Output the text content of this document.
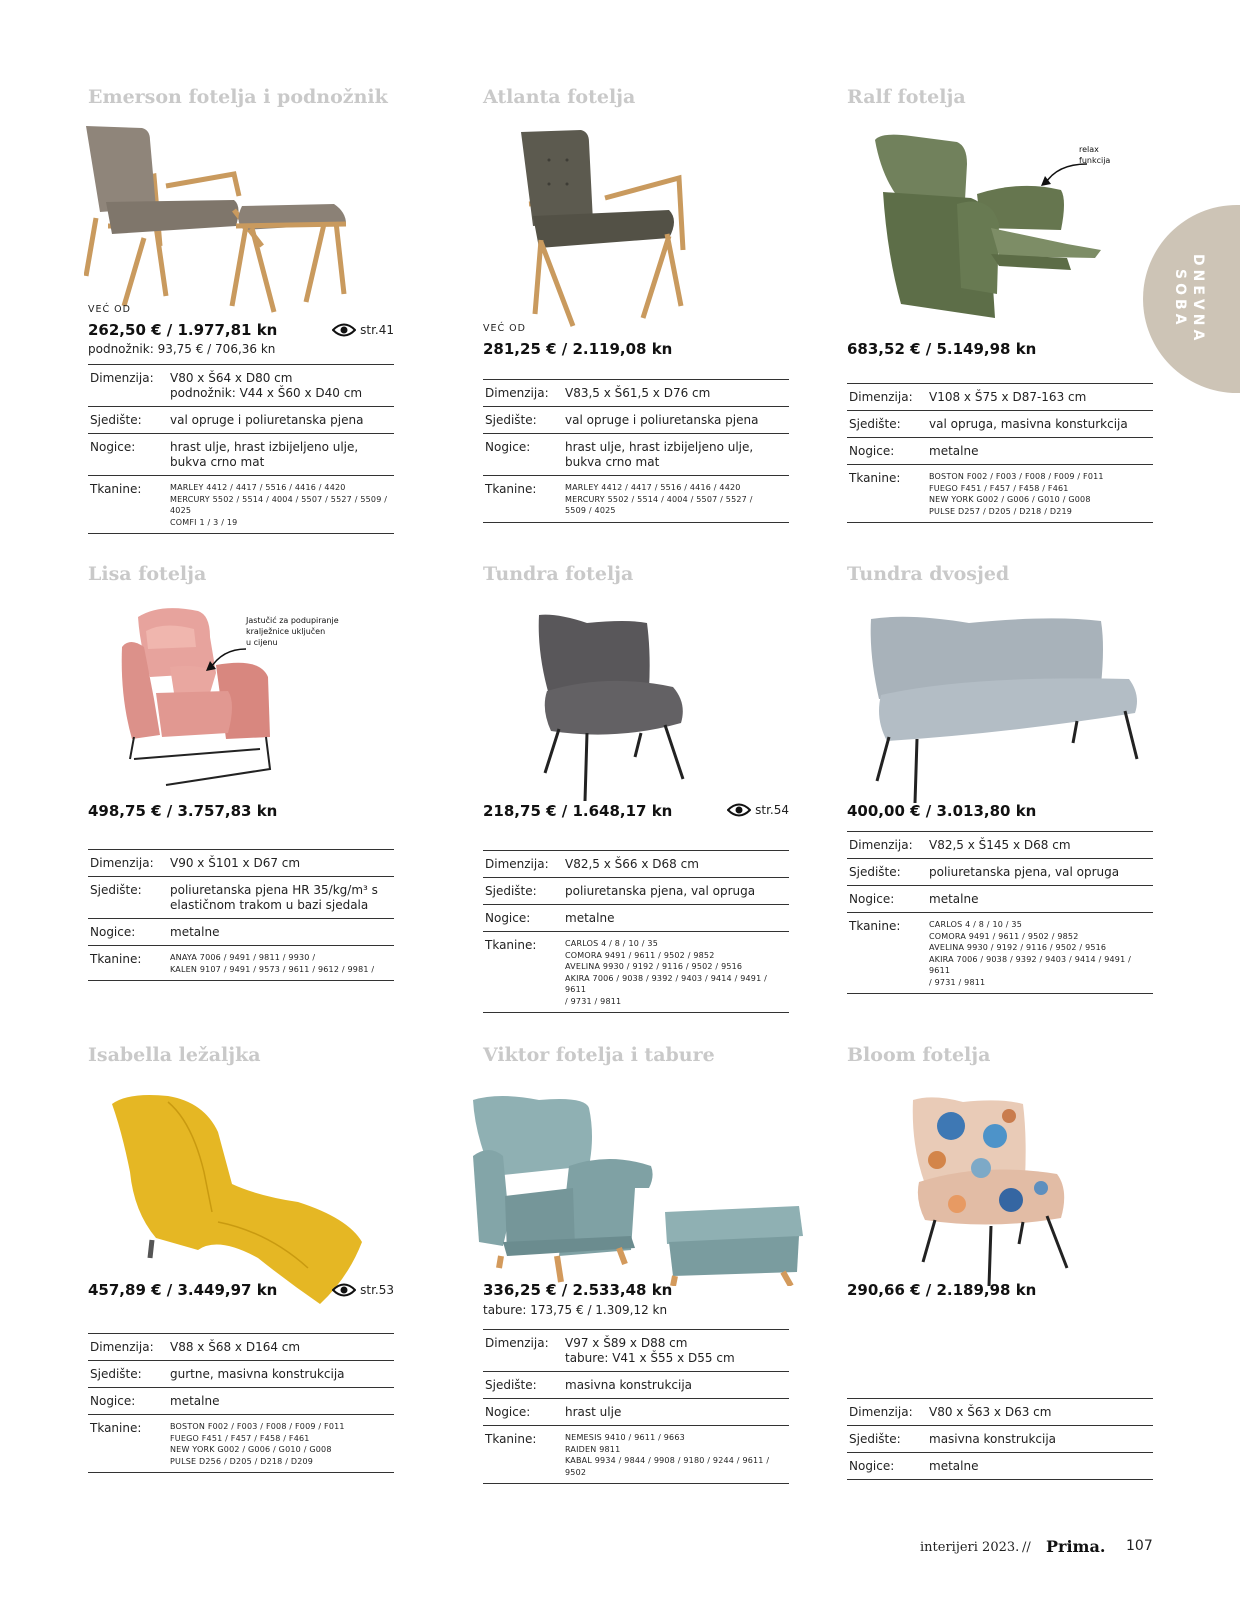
DNEVNA
SOBA
Emerson fotelja i podnožnik
VEĆ OD
262,50 € / 1.977,81 kn	str.41
podnožnik: 93,75 € / 706,36 kn
Dimenzija:	V80 x Š64 x D80 cm
podnožnik: V44 x Š60 x D40 cm
Sjedište:	val opruge i poliuretanska pjena
Nogice:	hrast ulje, hrast izbijeljeno ulje,
bukva crno mat
Tkanine:	MARLEY 4412 / 4417 / 5516 / 4416 / 4420
MERCURY 5502 / 5514 / 4004 / 5507 / 5527 / 5509 / 4025
COMFI 1 / 3 / 19
Atlanta fotelja
VEĆ OD
281,25 € / 2.119,08 kn
Dimenzija:	V83,5 x Š61,5 x D76 cm
Sjedište:	val opruge i poliuretanska pjena
Nogice:	hrast ulje, hrast izbijeljeno ulje,
bukva crno mat
Tkanine:	MARLEY 4412 / 4417 / 5516 / 4416 / 4420
MERCURY 5502 / 5514 / 4004 / 5507 / 5527 /
5509 / 4025
Ralf fotelja
relax
funkcija
683,52 € / 5.149,98 kn
Dimenzija:	V108 x Š75 x D87-163 cm
Sjedište:	val opruga, masivna konsturkcija
Nogice:	metalne
Tkanine:	BOSTON F002 / F003 / F008 / F009 / F011
FUEGO F451 / F457 / F458 / F461
NEW YORK G002 / G006 / G010 / G008
PULSE D257 / D205 / D218 / D219
Lisa fotelja
Jastučić za podupiranje
kralježnice uključen
u cijenu
498,75 € / 3.757,83 kn
Dimenzija:	V90 x Š101 x D67 cm
Sjedište:	poliuretanska pjena HR 35/kg/m³ s
elastičnom trakom u bazi sjedala
Nogice:	metalne
Tkanine:	ANAYA 7006 / 9491 / 9811 / 9930 /
KALEN 9107 / 9491 / 9573 / 9611 / 9612 / 9981 /
Tundra fotelja
218,75 € / 1.648,17 kn	str.54
Dimenzija:	V82,5 x Š66 x D68 cm
Sjedište:	poliuretanska pjena, val opruga
Nogice:	metalne
Tkanine:	CARLOS 4 / 8 / 10 / 35
COMORA 9491 / 9611 / 9502 / 9852
AVELINA 9930 / 9192 / 9116 / 9502 / 9516
AKIRA 7006 / 9038 / 9392 / 9403 / 9414 / 9491 / 9611
/ 9731 / 9811
Tundra dvosjed
400,00 € / 3.013,80 kn
Dimenzija:	V82,5 x Š145 x D68 cm
Sjedište:	poliuretanska pjena, val opruga
Nogice:	metalne
Tkanine:	CARLOS 4 / 8 / 10 / 35
COMORA 9491 / 9611 / 9502 / 9852
AVELINA 9930 / 9192 / 9116 / 9502 / 9516
AKIRA 7006 / 9038 / 9392 / 9403 / 9414 / 9491 / 9611
/ 9731 / 9811
Isabella ležaljka
457,89 € / 3.449,97 kn	str.53
Dimenzija:	V88 x Š68 x D164 cm
Sjedište:	gurtne, masivna konstrukcija
Nogice:	metalne
Tkanine:	BOSTON F002 / F003 / F008 / F009 / F011
FUEGO F451 / F457 / F458 / F461
NEW YORK G002 / G006 / G010 / G008
PULSE D256 / D205 / D218 / D209
Viktor fotelja i tabure
336,25 € / 2.533,48 kn
tabure: 173,75 € / 1.309,12 kn
Dimenzija:	V97 x Š89 x D88 cm
tabure: V41 x Š55 x D55 cm
Sjedište:	masivna konstrukcija
Nogice:	hrast ulje
Tkanine:	NEMESIS 9410 / 9611 / 9663
RAIDEN 9811
KABAL 9934 / 9844 / 9908 / 9180 / 9244 / 9611 / 9502
Bloom fotelja
290,66 € / 2.189,98 kn
Dimenzija:	V80 x Š63 x D63 cm
Sjedište:	masivna konstrukcija
Nogice:	metalne
interijeri 2023. // Prima. 107
